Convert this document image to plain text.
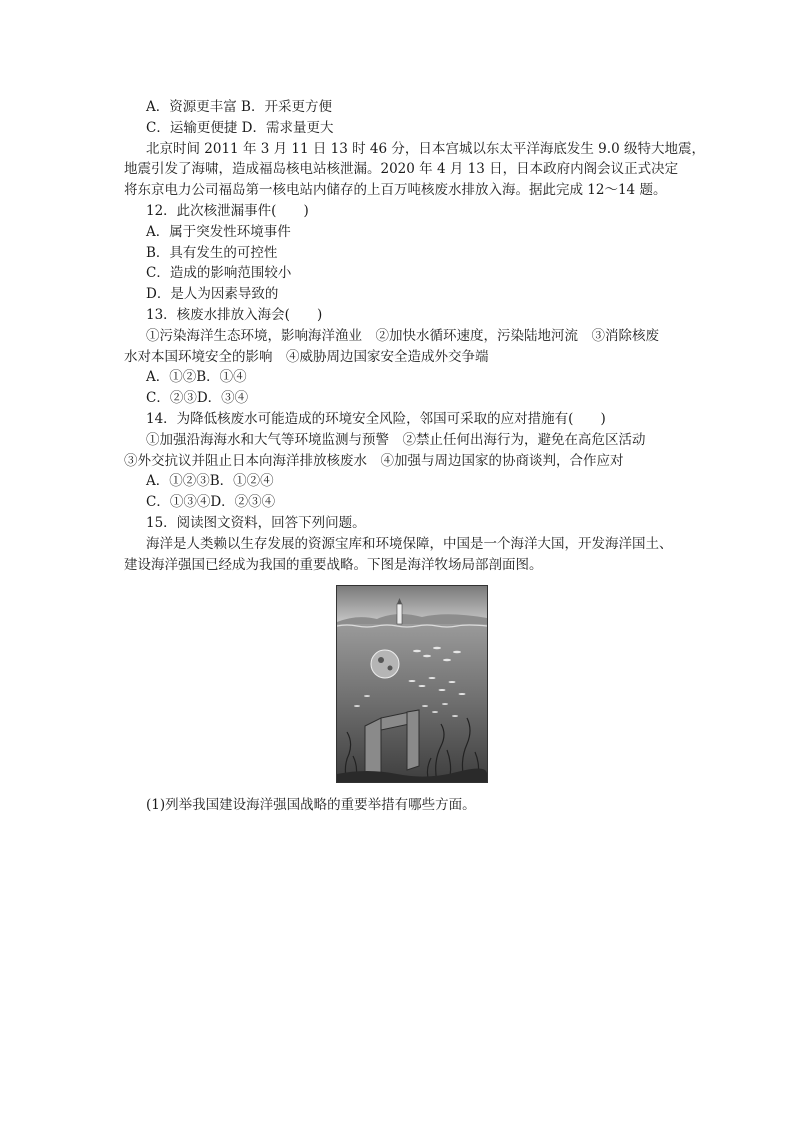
A．资源更丰富 B．开采更方便
C．运输更便捷 D．需求量更大
北京时间 2011 年 3 月 11 日 13 时 46 分，日本宫城以东太平洋海底发生 9.0 级特大地震，
地震引发了海啸，造成福岛核电站核泄漏。2020 年 4 月 13 日，日本政府内阁会议正式决定
将东京电力公司福岛第一核电站内储存的上百万吨核废水排放入海。据此完成 12～14 题。
12．此次核泄漏事件(　　)
A．属于突发性环境事件
B．具有发生的可控性
C．造成的影响范围较小
D．是人为因素导致的
13．核废水排放入海会(　　)
①污染海洋生态环境，影响海洋渔业　②加快水循环速度，污染陆地河流　③消除核废
水对本国环境安全的影响　④威胁周边国家安全造成外交争端
A．①②B．①④
C．②③D．③④
14．为降低核废水可能造成的环境安全风险，邻国可采取的应对措施有(　　)
①加强沿海海水和大气等环境监测与预警　②禁止任何出海行为，避免在高危区活动
③外交抗议并阻止日本向海洋排放核废水　④加强与周边国家的协商谈判，合作应对
A．①②③B．①②④
C．①③④D．②③④
15．阅读图文资料，回答下列问题。
海洋是人类赖以生存发展的资源宝库和环境保障，中国是一个海洋大国，开发海洋国土、
建设海洋强国已经成为我国的重要战略。下图是海洋牧场局部剖面图。
(1)列举我国建设海洋强国战略的重要举措有哪些方面。
